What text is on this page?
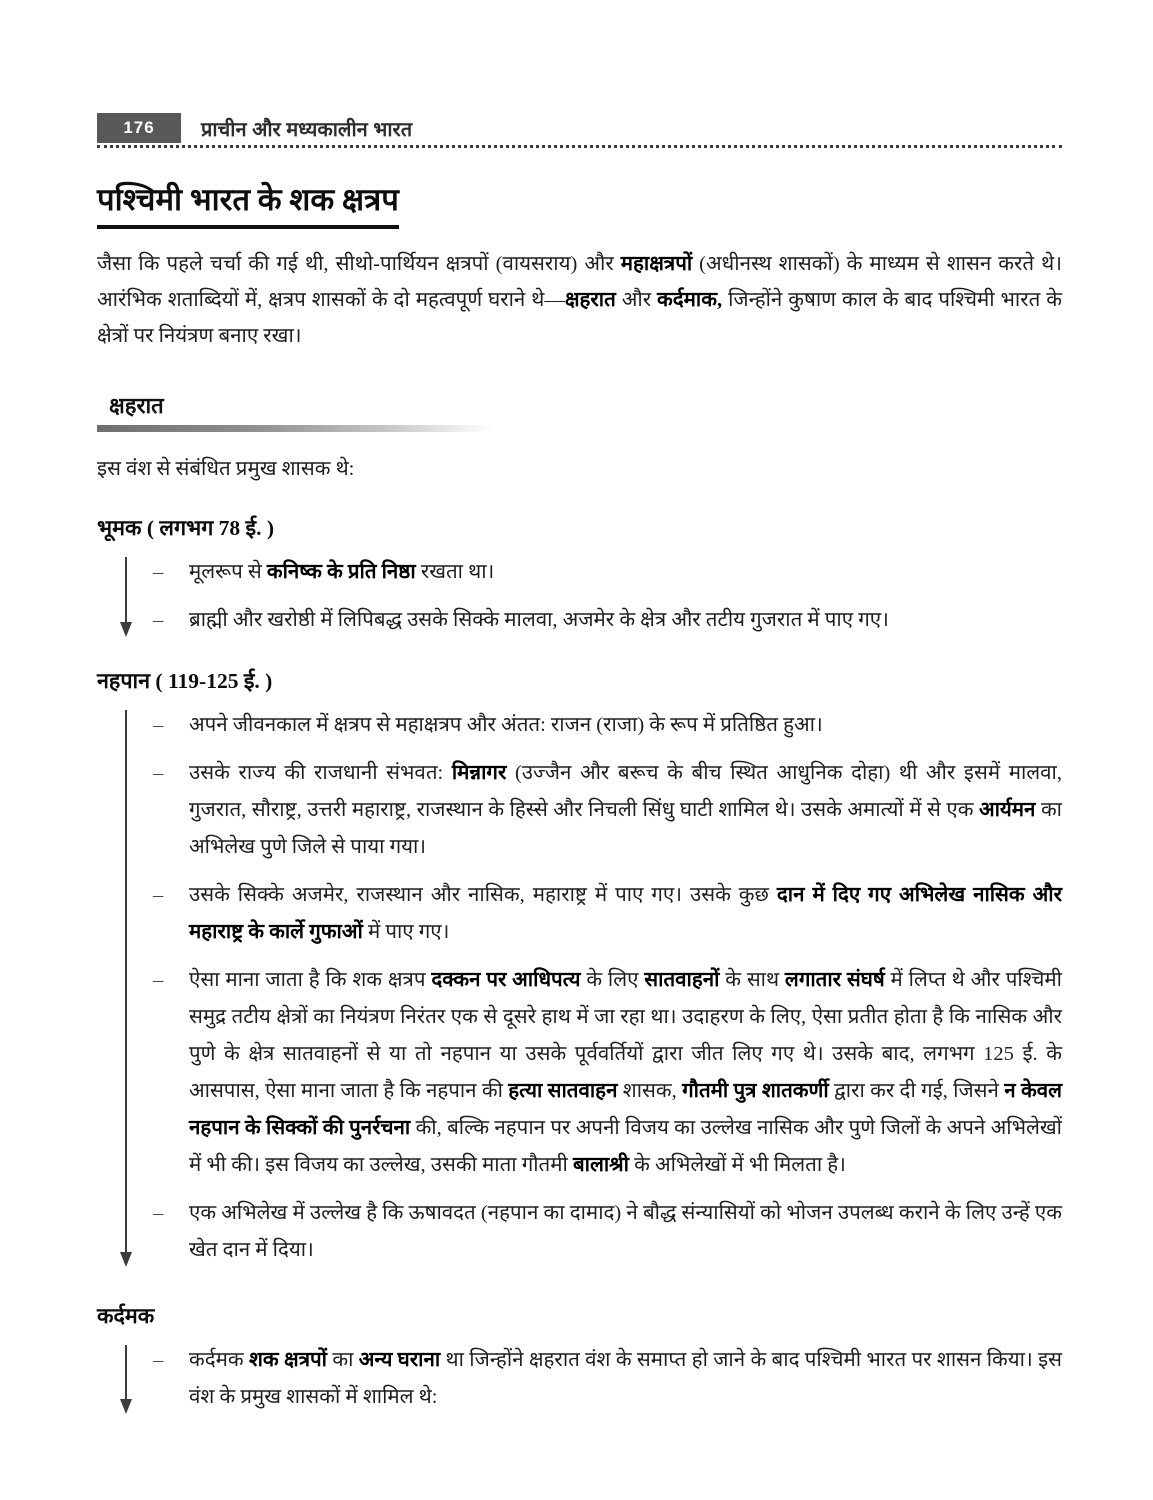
176	प्राचीन और मध्यकालीन भारत
पश्चिमी भारत के शक क्षत्रप

जैसा कि पहले चर्चा की गई थी, सीथो-पार्थियन क्षत्रपों (वायसराय) और महाक्षत्रपों (अधीनस्थ शासकों) के माध्यम से शासन करते थे। आरंभिक शताब्दियों में, क्षत्रप शासकों के दो महत्वपूर्ण घराने थे—क्षहरात और कर्दमाक, जिन्होंने कुषाण काल के बाद पश्चिमी भारत के क्षेत्रों पर नियंत्रण बनाए रखा।

क्षहरात

इस वंश से संबंधित प्रमुख शासक थे:

भूमक ( लगभग 78 ई. )
–	मूलरूप से कनिष्क के प्रति निष्ठा रखता था।
–	ब्राह्मी और खरोष्ठी में लिपिबद्ध उसके सिक्के मालवा, अजमेर के क्षेत्र और तटीय गुजरात में पाए गए।
नहपान ( 119-125 ई. )
–	अपने जीवनकाल में क्षत्रप से महाक्षत्रप और अंतत: राजन (राजा) के रूप में प्रतिष्ठित हुआ।
–	उसके राज्य की राजधानी संभवत: मिन्नागर (उज्जैन और बरूच के बीच स्थित आधुनिक दोहा) थी और इसमें मालवा, गुजरात, सौराष्ट्र, उत्तरी महाराष्ट्र, राजस्थान के हिस्से और निचली सिंधु घाटी शामिल थे। उसके अमात्यों में से एक आर्यमन का अभिलेख पुणे जिले से पाया गया।
–	उसके सिक्के अजमेर, राजस्थान और नासिक, महाराष्ट्र में पाए गए। उसके कुछ दान में दिए गए अभिलेख नासिक और महाराष्ट्र के कार्ले गुफाओं में पाए गए।
–	ऐसा माना जाता है कि शक क्षत्रप दक्कन पर आधिपत्य के लिए सातवाहनों के साथ लगातार संघर्ष में लिप्त थे और पश्चिमी समुद्र तटीय क्षेत्रों का नियंत्रण निरंतर एक से दूसरे हाथ में जा रहा था। उदाहरण के लिए, ऐसा प्रतीत होता है कि नासिक और पुणे के क्षेत्र सातवाहनों से या तो नहपान या उसके पूर्ववर्तियों द्वारा जीत लिए गए थे। उसके बाद, लगभग 125 ई. के आसपास, ऐसा माना जाता है कि नहपान की हत्या सातवाहन शासक, गौतमी पुत्र शातकर्णी द्वारा कर दी गई, जिसने न केवल नहपान के सिक्कों की पुनर्रचना की, बल्कि नहपान पर अपनी विजय का उल्लेख नासिक और पुणे जिलों के अपने अभिलेखों में भी की। इस विजय का उल्लेख, उसकी माता गौतमी बालाश्री के अभिलेखों में भी मिलता है।
–	एक अभिलेख में उल्लेख है कि ऊषावदत (नहपान का दामाद) ने बौद्ध संन्यासियों को भोजन उपलब्ध कराने के लिए उन्हें एक खेत दान में दिया।
कर्दमक
–	कर्दमक शक क्षत्रपों का अन्य घराना था जिन्होंने क्षहरात वंश के समाप्त हो जाने के बाद पश्चिमी भारत पर शासन किया। इस वंश के प्रमुख शासकों में शामिल थे:
